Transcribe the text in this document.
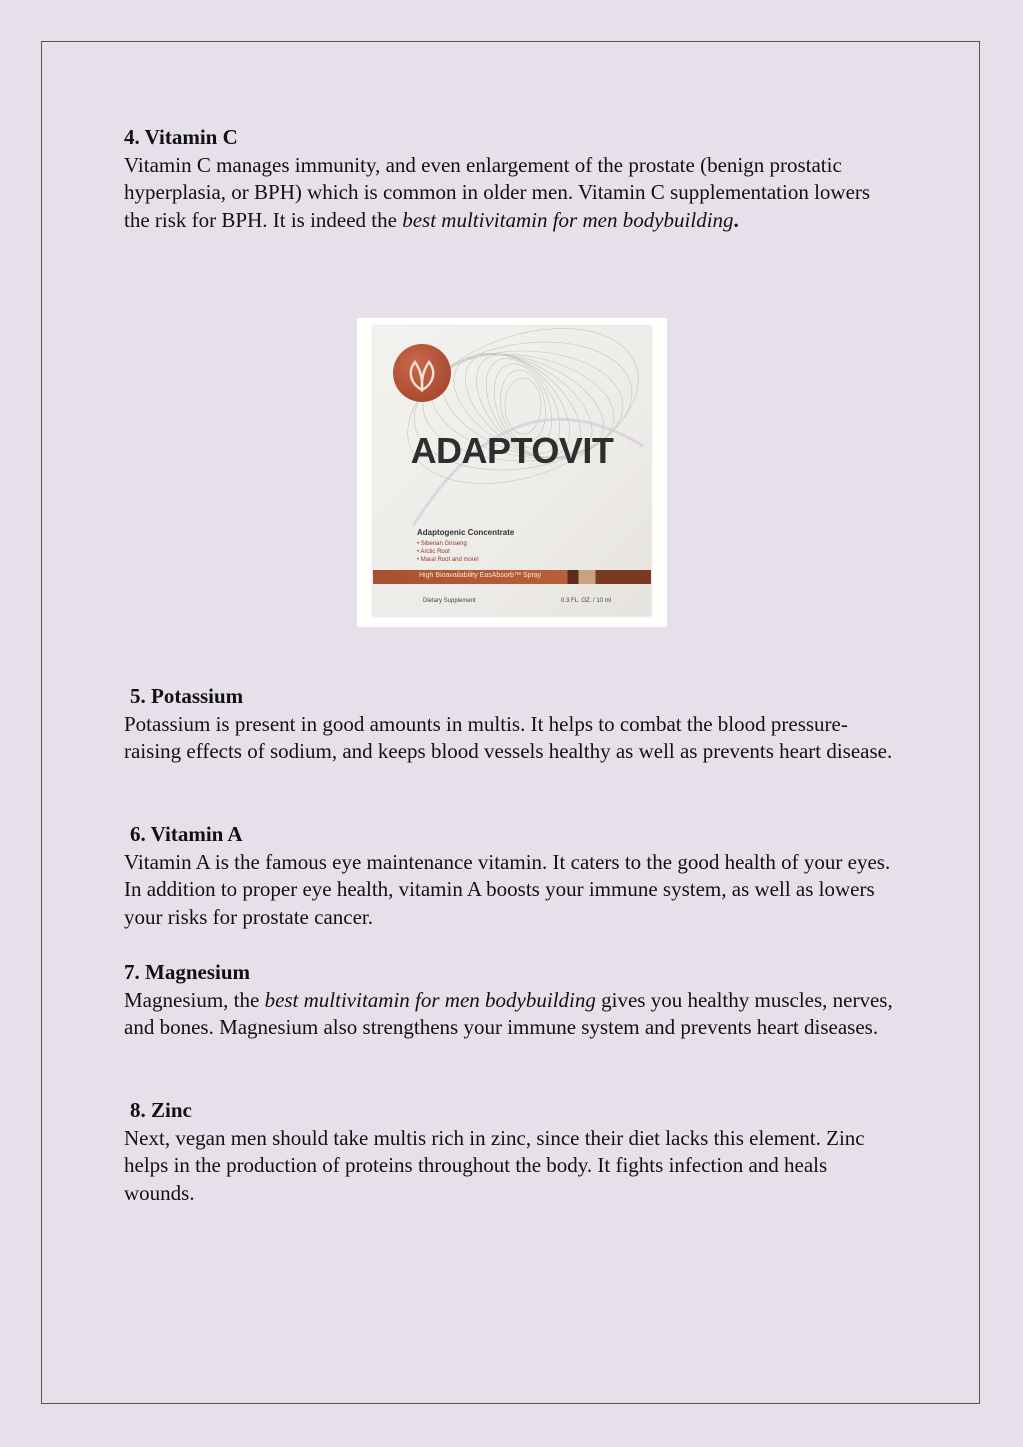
4. Vitamin C

Vitamin C manages immunity, and even enlargement of the prostate (benign prostatic hyperplasia, or BPH) which is common in older men. Vitamin C supplementation lowers the risk for BPH. It is indeed the best multivitamin for men bodybuilding.

5. Potassium

Potassium is present in good amounts in multis. It helps to combat the blood pressure-raising effects of sodium, and keeps blood vessels healthy as well as prevents heart disease.

6. Vitamin A

Vitamin A is the famous eye maintenance vitamin. It caters to the good health of your eyes. In addition to proper eye health, vitamin A boosts your immune system, as well as lowers your risks for prostate cancer.

7. Magnesium

Magnesium, the best multivitamin for men bodybuilding gives you healthy muscles, nerves, and bones. Magnesium also strengthens your immune system and prevents heart diseases.

8. Zinc

Next, vegan men should take multis rich in zinc, since their diet lacks this element. Zinc helps in the production of proteins throughout the body. It fights infection and heals wounds.

ADAPTOVIT
Adaptogenic Concentrate
• Siberian Ginseng
• Arctic Root
• Maral Root and more!
High Bioavailability EasAbsorb™ Spray
Dietary Supplement	0.3 FL. OZ. / 10 ml
